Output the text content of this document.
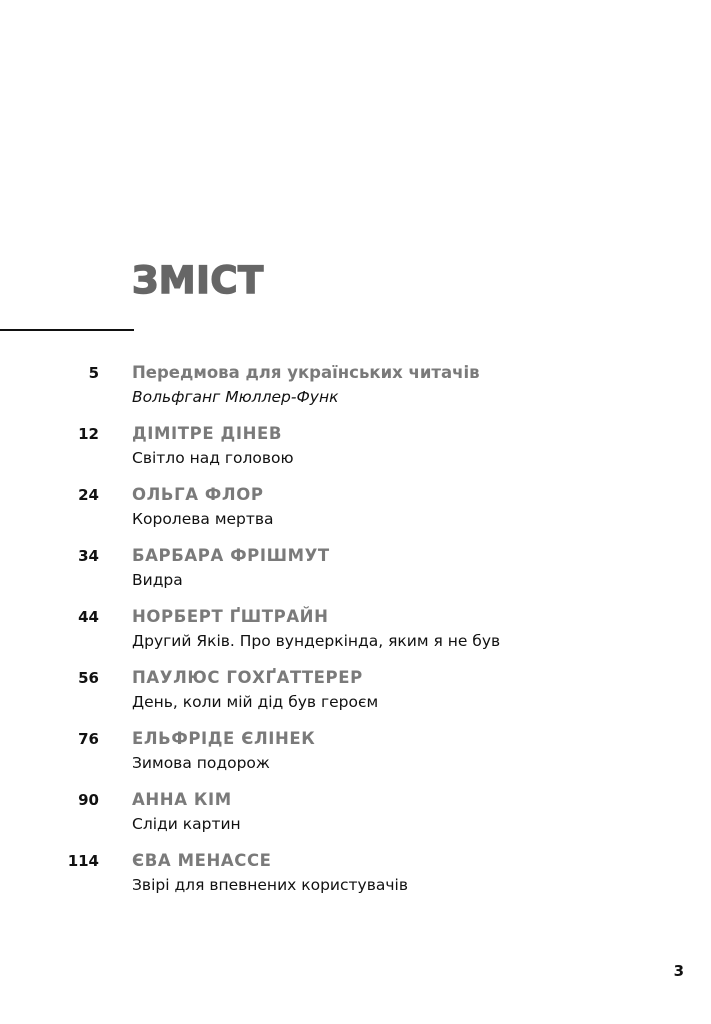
ЗМІСТ
5 Передмова для українських читачів
Вольфганг Мюллер-Функ
12 ДІМІТРЕ ДІНЕВ
Світло над головою
24 ОЛЬГА ФЛОР
Королева мертва
34 БАРБАРА ФРІШМУТ
Видра
44 НОРБЕРТ ҐШТРАЙН
Другий Яків. Про вундеркінда, яким я не був
56 ПАУЛЮС ГОХҐАТТЕРЕР
День, коли мій дід був героєм
76 ЕЛЬФРІДЕ ЄЛІНЕК
Зимова подорож
90 АННА КІМ
Сліди картин
114 ЄВА МЕНАССЕ
Звірі для впевнених користувачів
3
